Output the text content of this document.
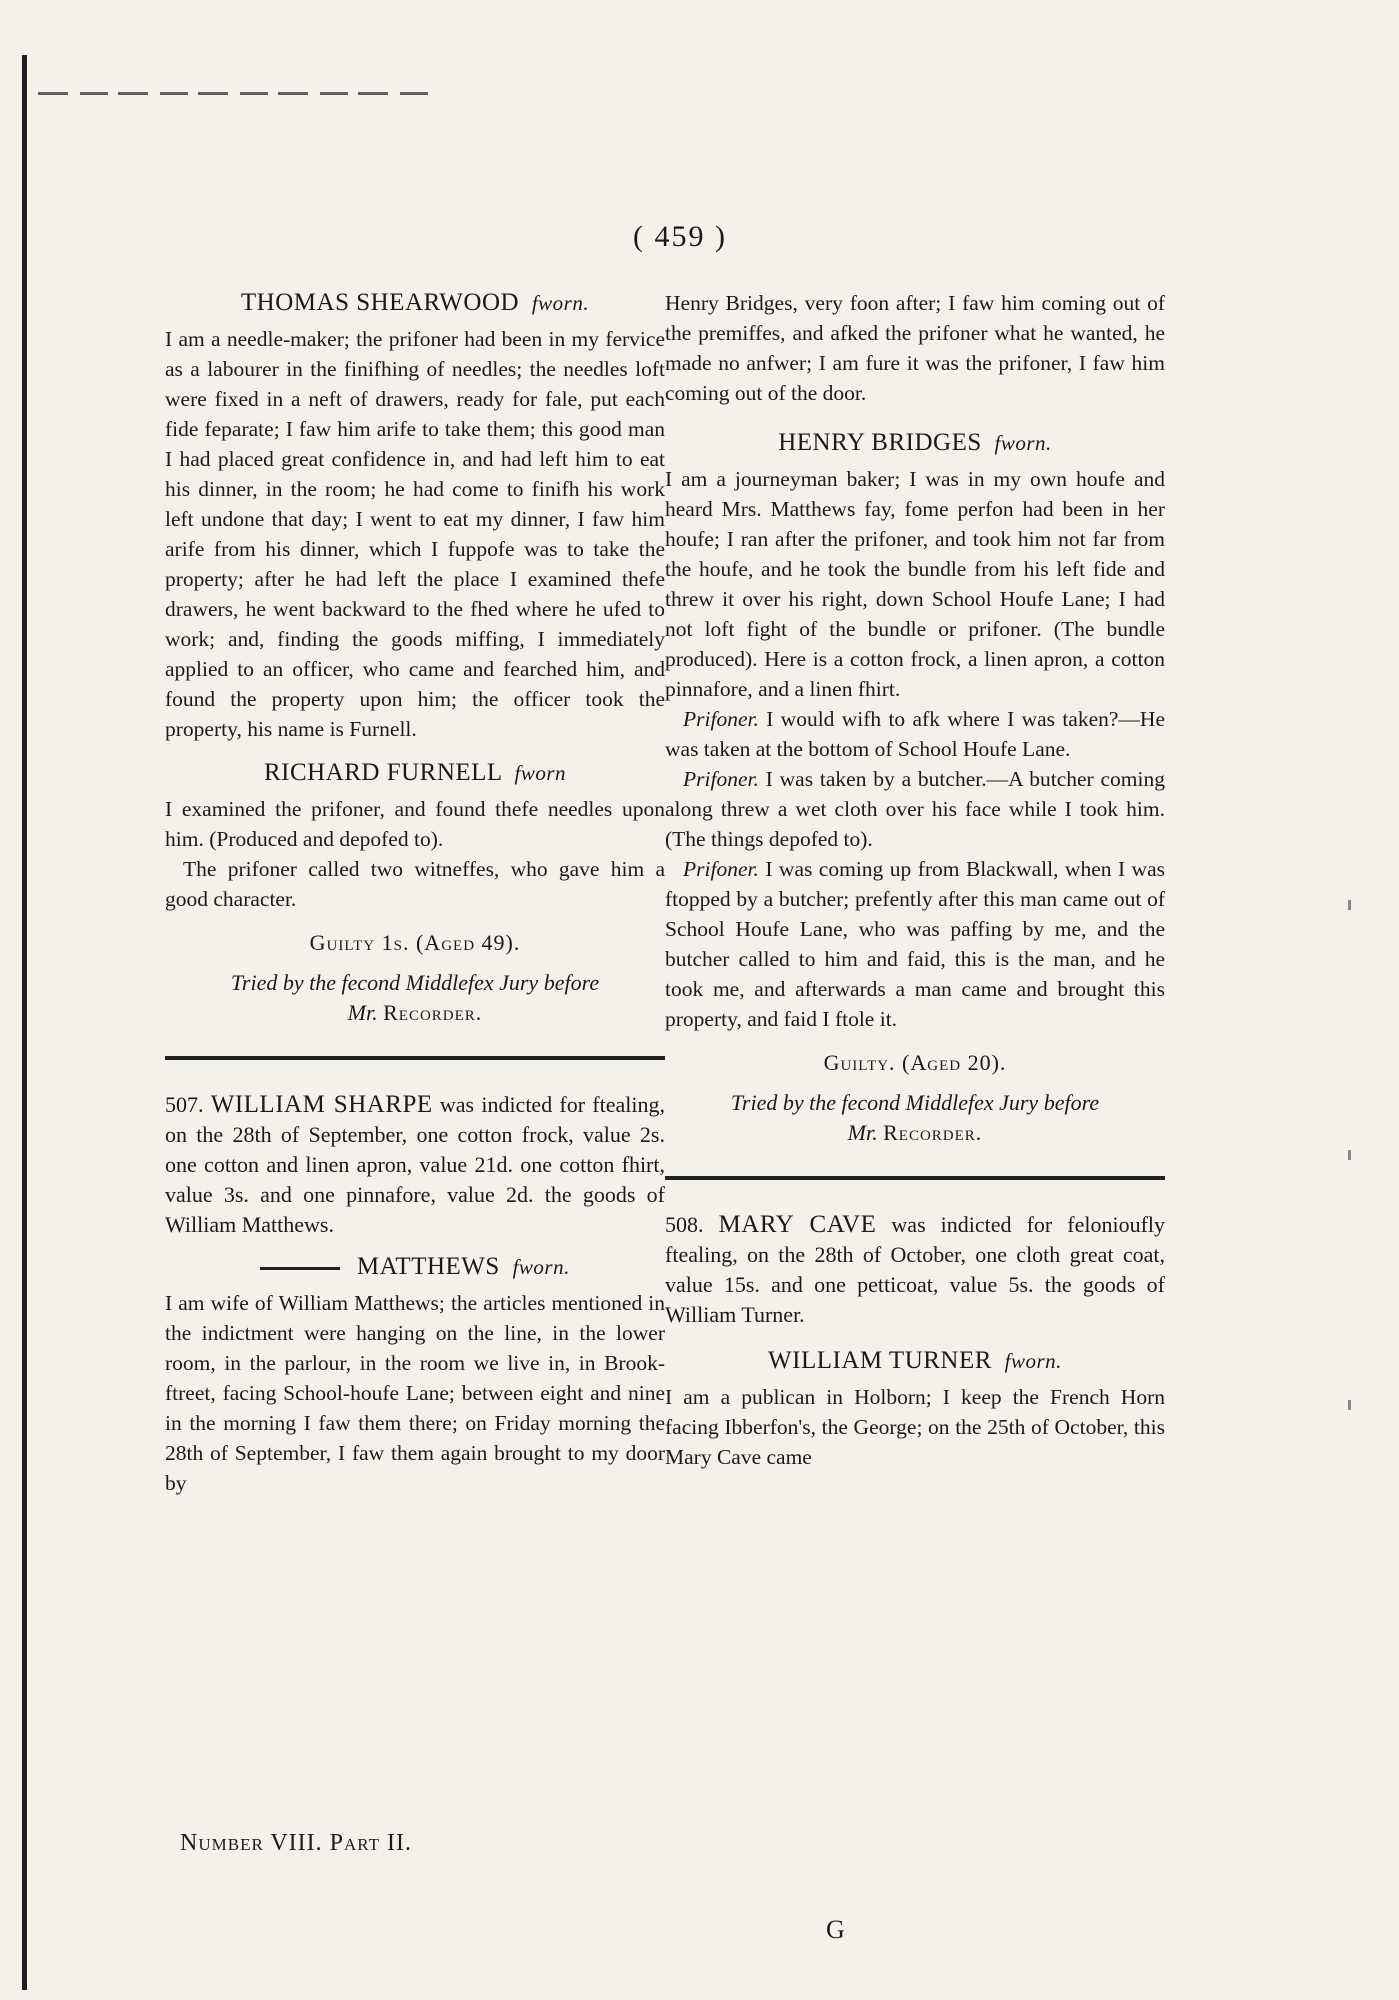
( 459 )
THOMAS SHEARWOOD fworn.

I am a needle-maker; the prifoner had been in my fervice as a labourer in the finifhing of needles; the needles loft were fixed in a neft of drawers, ready for fale, put each fide feparate; I faw him arife to take them; this good man I had placed great confidence in, and had left him to eat his dinner, in the room; he had come to finifh his work left undone that day; I went to eat my dinner, I faw him arife from his dinner, which I fuppofe was to take the property; after he had left the place I examined thefe drawers, he went backward to the fhed where he ufed to work; and, finding the goods miffing, I immediately applied to an officer, who came and fearched him, and found the property upon him; the officer took the property, his name is Furnell.

RICHARD FURNELL fworn

I examined the prifoner, and found thefe needles upon him. (Produced and depofed to).

The prifoner called two witneffes, who gave him a good character.

Guilty 1s. (Aged 49).
Tried by the fecond Middlefex Jury before
Mr. Recorder.

507. WILLIAM SHARPE was indicted for ftealing, on the 28th of September, one cotton frock, value 2s. one cotton and linen apron, value 21d. one cotton fhirt, value 3s. and one pinnafore, value 2d. the goods of William Matthews.

MATTHEWS fworn.

I am wife of William Matthews; the articles mentioned in the indictment were hanging on the line, in the lower room, in the parlour, in the room we live in, in Brook-ftreet, facing School-houfe Lane; between eight and nine in the morning I faw them there; on Friday morning the 28th of September, I faw them again brought to my door by

Henry Bridges, very foon after; I faw him coming out of the premiffes, and afked the prifoner what he wanted, he made no anfwer; I am fure it was the prifoner, I faw him coming out of the door.

HENRY BRIDGES fworn.

I am a journeyman baker; I was in my own houfe and heard Mrs. Matthews fay, fome perfon had been in her houfe; I ran after the prifoner, and took him not far from the houfe, and he took the bundle from his left fide and threw it over his right, down School Houfe Lane; I had not loft fight of the bundle or prifoner. (The bundle produced). Here is a cotton frock, a linen apron, a cotton pinnafore, and a linen fhirt.

Prifoner. I would wifh to afk where I was taken?—He was taken at the bottom of School Houfe Lane.

Prifoner. I was taken by a butcher.—A butcher coming along threw a wet cloth over his face while I took him. (The things depofed to).

Prifoner. I was coming up from Blackwall, when I was ftopped by a butcher; prefently after this man came out of School Houfe Lane, who was paffing by me, and the butcher called to him and faid, this is the man, and he took me, and afterwards a man came and brought this property, and faid I ftole it.

Guilty. (Aged 20).
Tried by the fecond Middlefex Jury before
Mr. Recorder.

508. MARY CAVE was indicted for felonioufly ftealing, on the 28th of October, one cloth great coat, value 15s. and one petticoat, value 5s. the goods of William Turner.

WILLIAM TURNER fworn.

I am a publican in Holborn; I keep the French Horn facing Ibberfon's, the George; on the 25th of October, this Mary Cave came

Number VIII. Part II.
G
